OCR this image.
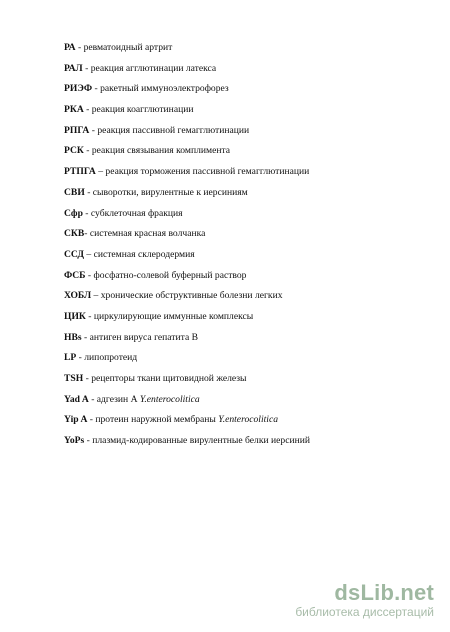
РА - ревматоидный артрит
РАЛ - реакция агглютинации латекса
РИЭФ - ракетный иммуноэлектрофорез
РКА - реакция коагглютинации
РПГА - реакция пассивной гемагглютинации
РСК - реакция связывания комплимента
РТПГА – реакция торможения пассивной гемагглютинации
СВИ - сыворотки, вирулентные к иерсиниям
Сфр - субклеточная фракция
СКВ- системная красная волчанка
ССД – системная склеродермия
ФСБ - фосфатно-солевой буферный раствор
ХОБЛ – хронические обструктивные болезни легких
ЦИК - циркулирующие иммунные комплексы
НВs - антиген вируса гепатита В
LP - липопротеид
TSH - рецепторы ткани щитовидной железы
Yad A - адгезин А Y.enterocolitica
Yip A - протеин наружной мембраны Y.enterocolitica
YoPs - плазмид-кодированные вирулентные белки иерсиний
dsLib.net
библиотека диссертаций
